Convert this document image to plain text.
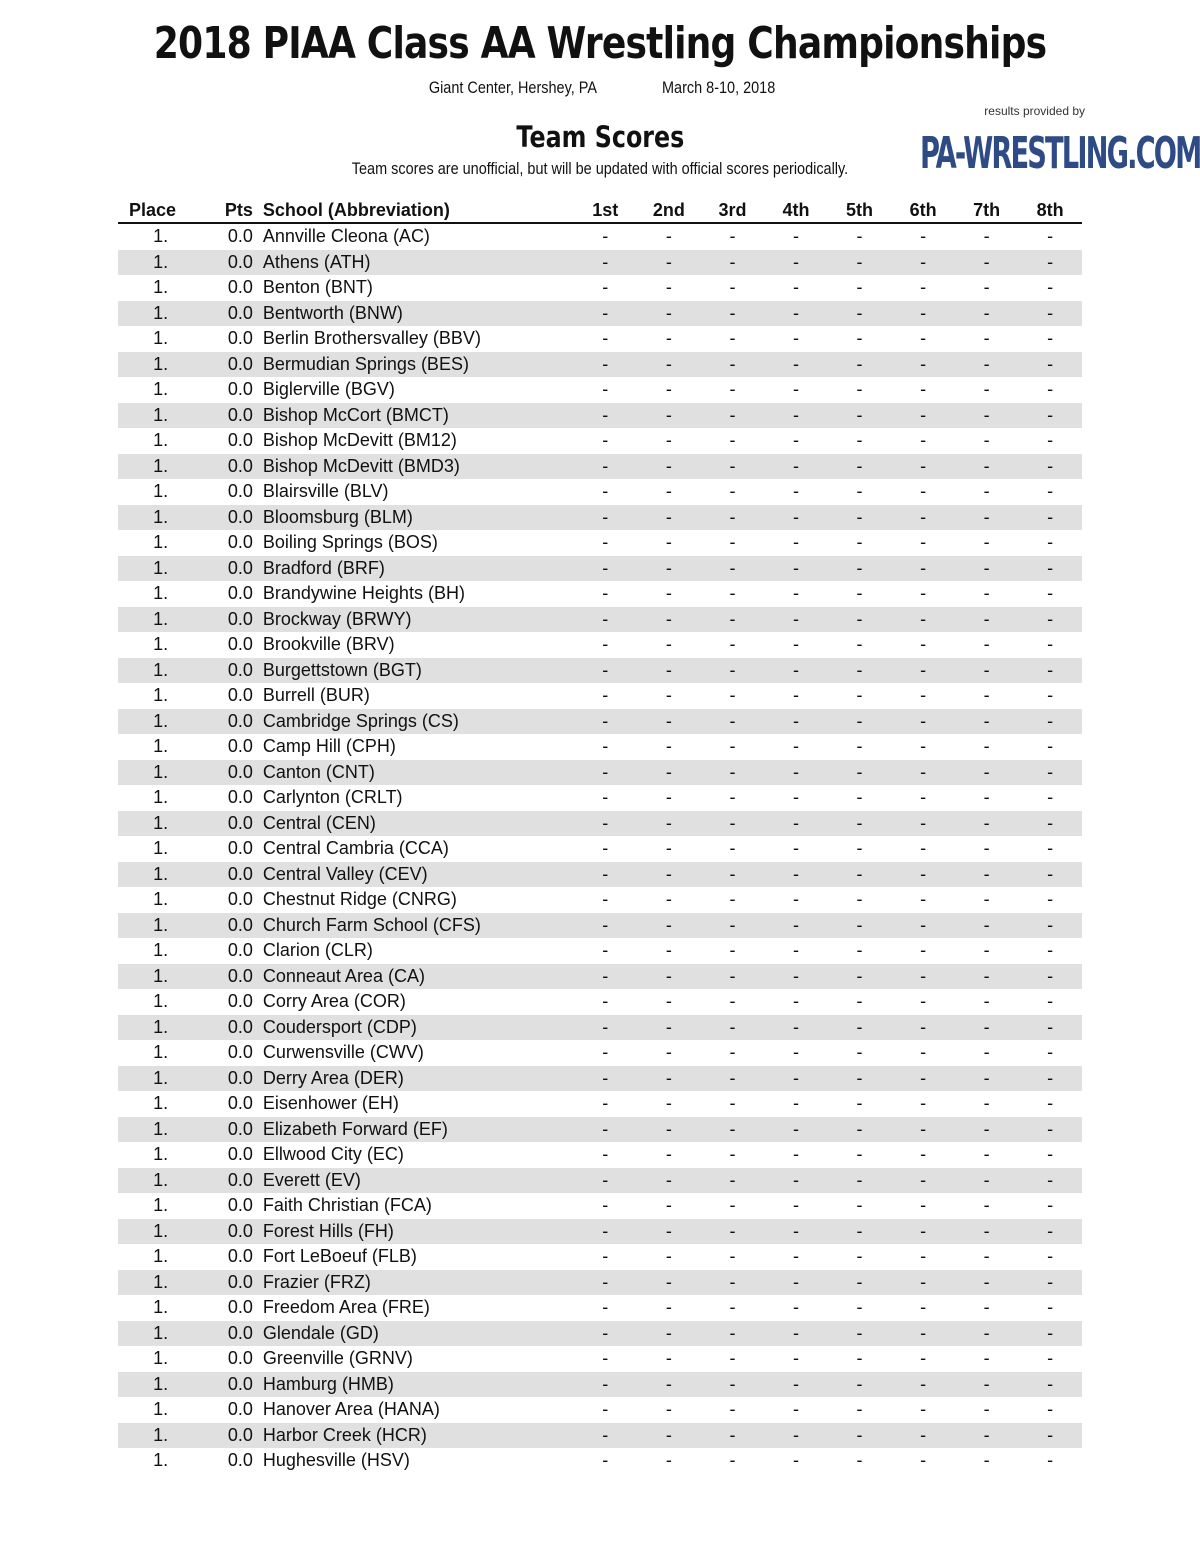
2018 PIAA Class AA Wrestling Championships
Giant Center, Hershey, PA	March 8-10, 2018
results provided by
PA-WRESTLING.COM
Team Scores
Team scores are unofficial, but will be updated with official scores periodically.
Place	Pts	School (Abbreviation)	1st	2nd	3rd	4th	5th	6th	7th	8th
1.	0.0	Annville Cleona (AC)	-	-	-	-	-	-	-	-
1.	0.0	Athens (ATH)	-	-	-	-	-	-	-	-
1.	0.0	Benton (BNT)	-	-	-	-	-	-	-	-
1.	0.0	Bentworth (BNW)	-	-	-	-	-	-	-	-
1.	0.0	Berlin Brothersvalley (BBV)	-	-	-	-	-	-	-	-
1.	0.0	Bermudian Springs (BES)	-	-	-	-	-	-	-	-
1.	0.0	Biglerville (BGV)	-	-	-	-	-	-	-	-
1.	0.0	Bishop McCort (BMCT)	-	-	-	-	-	-	-	-
1.	0.0	Bishop McDevitt (BM12)	-	-	-	-	-	-	-	-
1.	0.0	Bishop McDevitt (BMD3)	-	-	-	-	-	-	-	-
1.	0.0	Blairsville (BLV)	-	-	-	-	-	-	-	-
1.	0.0	Bloomsburg (BLM)	-	-	-	-	-	-	-	-
1.	0.0	Boiling Springs (BOS)	-	-	-	-	-	-	-	-
1.	0.0	Bradford (BRF)	-	-	-	-	-	-	-	-
1.	0.0	Brandywine Heights (BH)	-	-	-	-	-	-	-	-
1.	0.0	Brockway (BRWY)	-	-	-	-	-	-	-	-
1.	0.0	Brookville (BRV)	-	-	-	-	-	-	-	-
1.	0.0	Burgettstown (BGT)	-	-	-	-	-	-	-	-
1.	0.0	Burrell (BUR)	-	-	-	-	-	-	-	-
1.	0.0	Cambridge Springs (CS)	-	-	-	-	-	-	-	-
1.	0.0	Camp Hill (CPH)	-	-	-	-	-	-	-	-
1.	0.0	Canton (CNT)	-	-	-	-	-	-	-	-
1.	0.0	Carlynton (CRLT)	-	-	-	-	-	-	-	-
1.	0.0	Central (CEN)	-	-	-	-	-	-	-	-
1.	0.0	Central Cambria (CCA)	-	-	-	-	-	-	-	-
1.	0.0	Central Valley (CEV)	-	-	-	-	-	-	-	-
1.	0.0	Chestnut Ridge (CNRG)	-	-	-	-	-	-	-	-
1.	0.0	Church Farm School (CFS)	-	-	-	-	-	-	-	-
1.	0.0	Clarion (CLR)	-	-	-	-	-	-	-	-
1.	0.0	Conneaut Area (CA)	-	-	-	-	-	-	-	-
1.	0.0	Corry Area (COR)	-	-	-	-	-	-	-	-
1.	0.0	Coudersport (CDP)	-	-	-	-	-	-	-	-
1.	0.0	Curwensville (CWV)	-	-	-	-	-	-	-	-
1.	0.0	Derry Area (DER)	-	-	-	-	-	-	-	-
1.	0.0	Eisenhower (EH)	-	-	-	-	-	-	-	-
1.	0.0	Elizabeth Forward (EF)	-	-	-	-	-	-	-	-
1.	0.0	Ellwood City (EC)	-	-	-	-	-	-	-	-
1.	0.0	Everett (EV)	-	-	-	-	-	-	-	-
1.	0.0	Faith Christian (FCA)	-	-	-	-	-	-	-	-
1.	0.0	Forest Hills (FH)	-	-	-	-	-	-	-	-
1.	0.0	Fort LeBoeuf (FLB)	-	-	-	-	-	-	-	-
1.	0.0	Frazier (FRZ)	-	-	-	-	-	-	-	-
1.	0.0	Freedom Area (FRE)	-	-	-	-	-	-	-	-
1.	0.0	Glendale (GD)	-	-	-	-	-	-	-	-
1.	0.0	Greenville (GRNV)	-	-	-	-	-	-	-	-
1.	0.0	Hamburg (HMB)	-	-	-	-	-	-	-	-
1.	0.0	Hanover Area (HANA)	-	-	-	-	-	-	-	-
1.	0.0	Harbor Creek (HCR)	-	-	-	-	-	-	-	-
1.	0.0	Hughesville (HSV)	-	-	-	-	-	-	-	-
